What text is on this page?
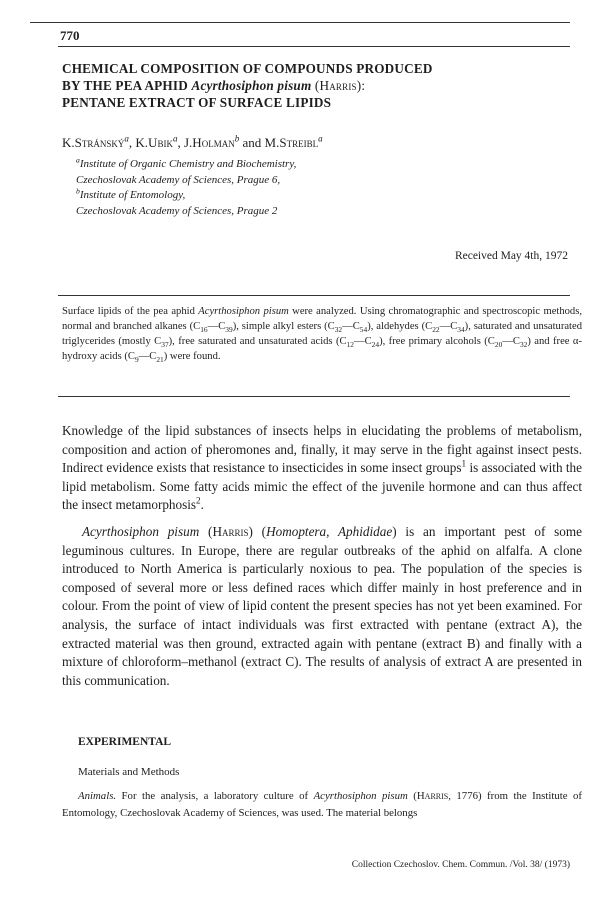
770
CHEMICAL COMPOSITION OF COMPOUNDS PRODUCED
BY THE PEA APHID Acyrthosiphon pisum (Harris):
PENTANE EXTRACT OF SURFACE LIPIDS
K.Stránský$^a$, K.Ubik$^a$, J.Holman$^b$ and M.Streibl$^a$
$^a$Institute of Organic Chemistry and Biochemistry,
Czechoslovak Academy of Sciences, Prague 6,
$^b$Institute of Entomology,
Czechoslovak Academy of Sciences, Prague 2
Received May 4th, 1972
Surface lipids of the pea aphid Acyrthosiphon pisum were analyzed. Using chromatographic and spectroscopic methods, normal and branched alkanes $(C_{16}—C_{39})$, simple alkyl esters $(C_{32}—C_{54})$, aldehydes $(C_{22}—C_{34})$, saturated and unsaturated triglycerides (mostly $C_{37}$), free saturated and unsaturated acids $(C_{12}—C_{24})$, free primary alcohols $(C_{20}—C_{32})$ and free α-hydroxy acids $(C_9—C_{21})$ were found.

Knowledge of the lipid substances of insects helps in elucidating the problems of metabolism, composition and action of pheromones and, finally, it may serve in the fight against insect pests. Indirect evidence exists that resistance to insecticides in some insect groups$^1$ is associated with the lipid metabolism. Some fatty acids mimic the effect of the juvenile hormone and can thus affect the insect metamorphosis$^2$.

Acyrthosiphon pisum (Harris) (Homoptera, Aphididae) is an important pest of some leguminous cultures. In Europe, there are regular outbreaks of the aphid on alfalfa. A clone introduced to North America is particularly noxious to pea. The population of the species is composed of several more or less defined races which differ mainly in host preference and in colour. From the point of view of lipid content the present species has not yet been examined. For analysis, the surface of intact individuals was first extracted with pentane (extract A), the extracted material was then ground, extracted again with pentane (extract B) and finally with a mixture of chloroform–methanol (extract C). The results of analysis of extract A are presented in this communication.

EXPERIMENTAL
Materials and Methods
Animals. For the analysis, a laboratory culture of Acyrthosiphon pisum (Harris, 1776) from the Institute of Entomology, Czechoslovak Academy of Sciences, was used. The material belongs
Collection Czechoslov. Chem. Commun. /Vol. 38/ (1973)
